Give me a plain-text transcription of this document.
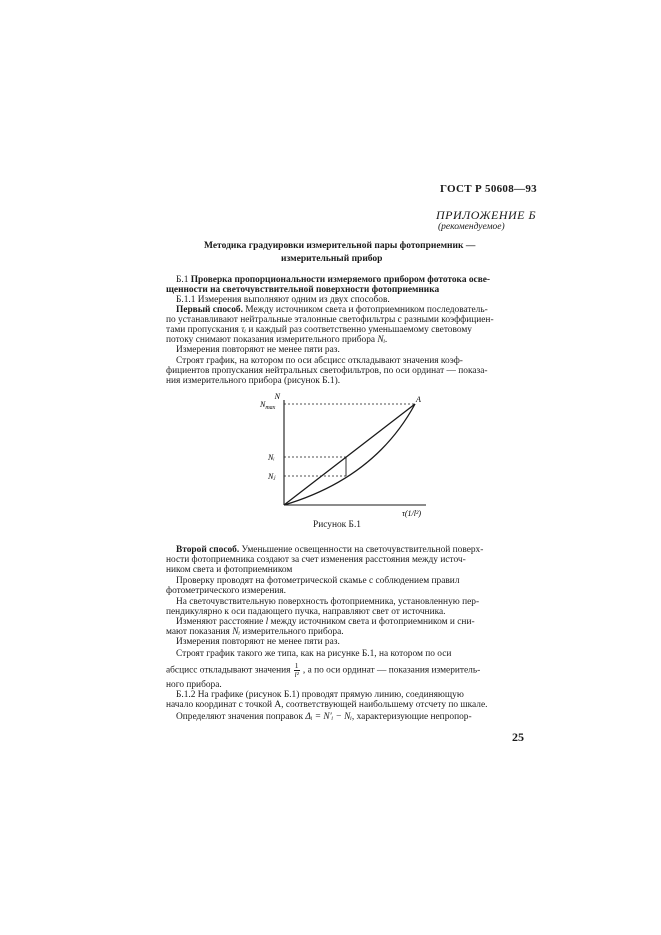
ГОСТ Р 50608—93
ПРИЛОЖЕНИЕ Б
(рекомендуемое)
Методика градуировки измерительной пары фотоприемник —
измерительный прибор
Б.1 Проверка пропорциональности измеряемого прибором фототока осве-
щенности на светочувствительной поверхности фотоприемника
Б.1.1 Измерения выполняют одним из двух способов.
Первый способ. Между источником света и фотоприемником последователь-
по устанавливают нейтральные эталонные светофильтры с разными коэффициен-
тами пропускания τᵢ и каждый раз соответственно уменьшаемому световому
потоку снимают показания измерительного прибора Nᵢ.
Измерения повторяют не менее пяти раз.
Строят график, на котором по оси абсцисс откладывают значения коэф-
фициентов пропускания нейтральных светофильтров, по оси ординат — показа-
ния измерительного прибора (рисунок Б.1).
N
$N_{max}$
Nᵢ
Nⱼ
A
τ(1/l²)
Рисунок Б.1
Второй способ. Уменьшение освещенности на светочувствительной поверх-
ности фотоприемника создают за счет изменения расстояния между источ-
ником света и фотоприемником
Проверку проводят на фотометрической скамье с соблюдением правил
фотометрического измерения.
На светочувствительную поверхность фотоприемника, установленную пер-
пендикулярно к оси падающего пучка, направляют свет от источника.
Изменяют расстояние l между источником света и фотоприемником и сни-
мают показания Nᵢ измерительного прибора.
Измерения повторяют не менее пяти раз.
Строят график такого же типа, как на рисунке Б.1, на котором по оси
абсцисс откладывают значения $\frac{1}{\text{l²}}$ , а по оси ординат — показания измеритель-
ного прибора.
Б.1.2 На графике (рисунок Б.1) проводят прямую линию, соединяющую
начало координат с точкой А, соответствующей наибольшему отсчету по шкале.
Определяют значения поправок Δᵢ = N′ᵢ − Nᵢ, характеризующие непропор-
25
